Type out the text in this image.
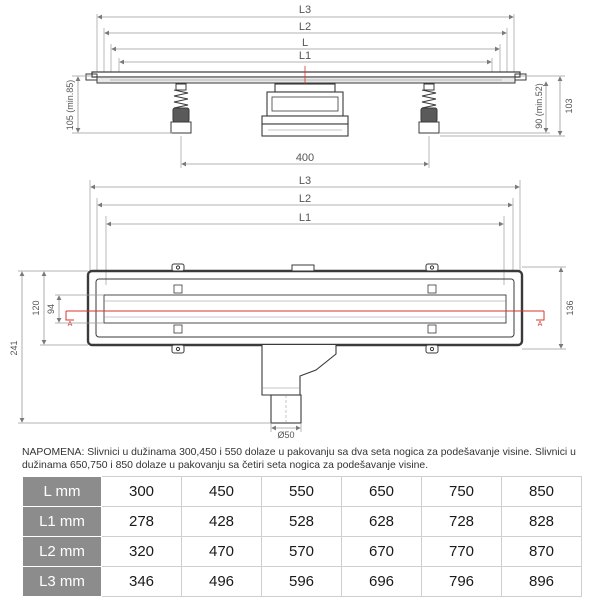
L3
L2
L
L1
400
105 (min.85)	90 (min.52) 103
L3
L2
L1
A	A
Ø50
241
120 94	136
NAPOMENA: Slivnici u dužinama 300,450 i 550 dolaze u pakovanju sa dva seta nogica za podešavanje visine. Slivnici u dužinama 650,750 i 850 dolaze u pakovanju sa četiri seta nogica za podešavanje visine.
L mm	300	450	550	650	750	850
L1 mm	278	428	528	628	728	828
L2 mm	320	470	570	670	770	870
L3 mm	346	496	596	696	796	896
